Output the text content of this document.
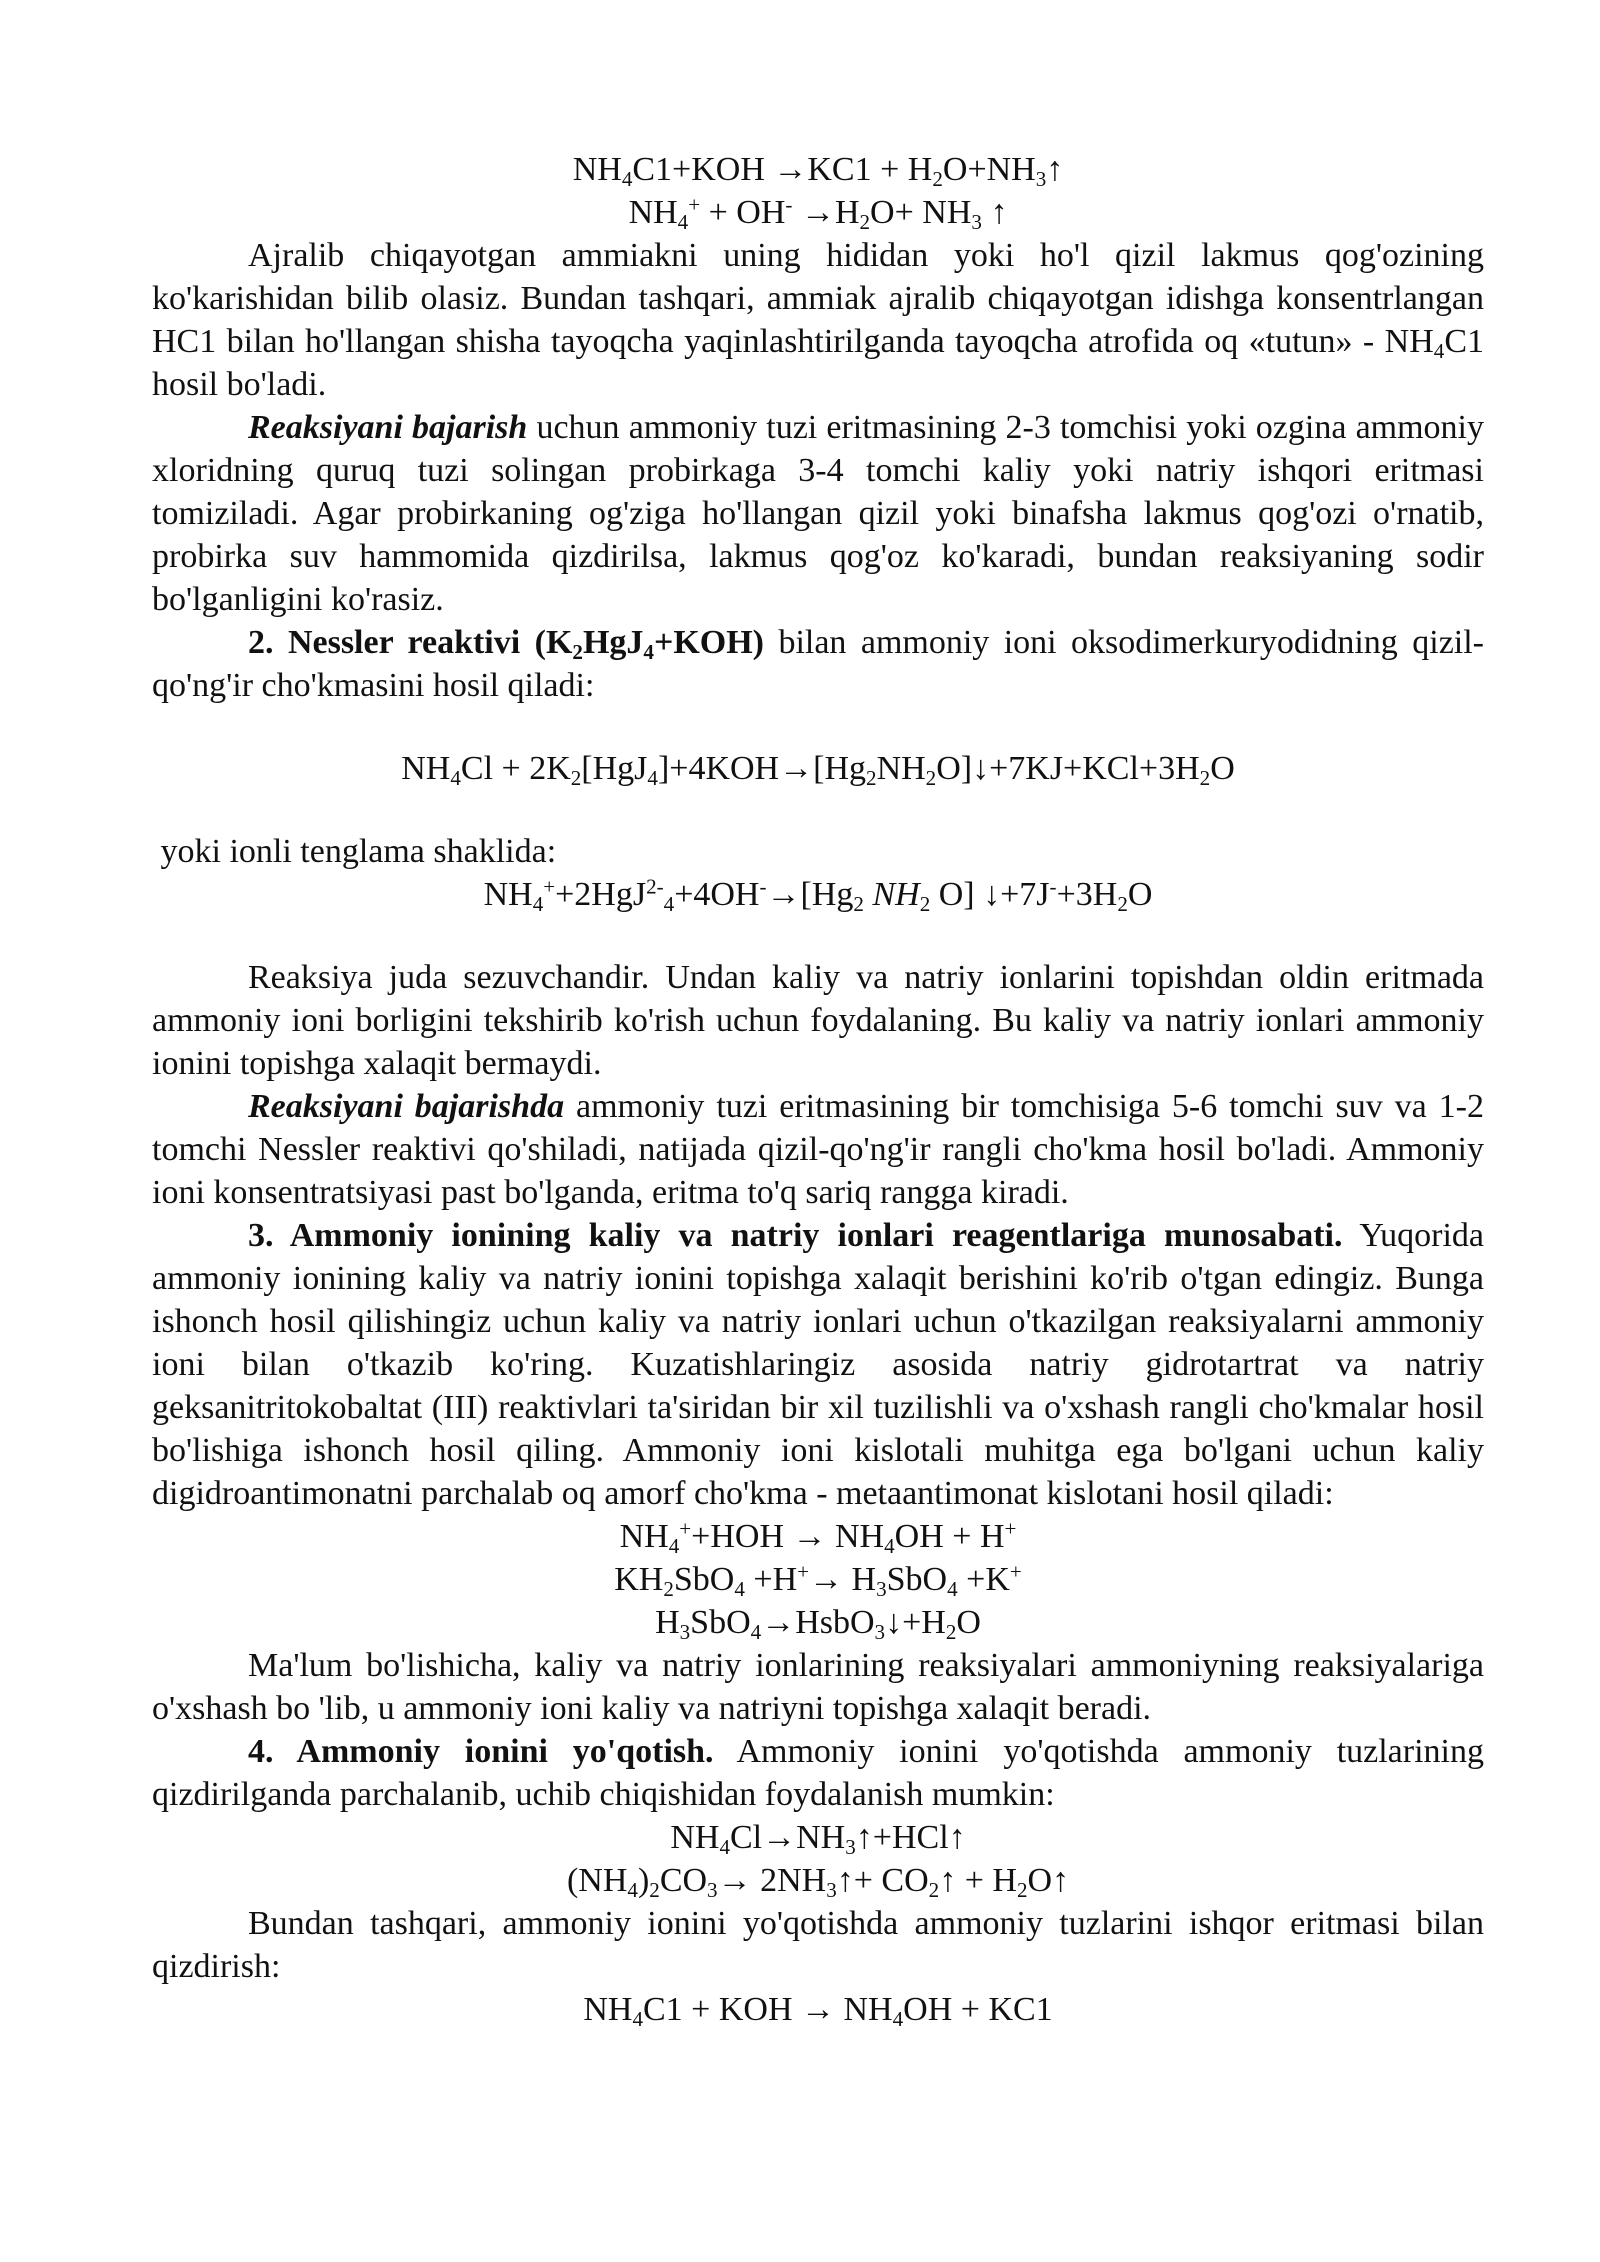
$NH_4C1+KOH \to KC1$ + $H_2O+NH_3↑$

$NH_4^+ + OH^- \to H_2O+ NH_3$ ↑

Ajralib chiqayotgan ammiakni uning hididan yoki ho'l qizil lakmus qog'ozining ko'karishidan bilib olasiz. Bundan tashqari, ammiak ajralib chiqayotgan idishga konsentrlangan HC1 bilan ho'llangan shisha tayoqcha yaqinlashtirilganda tayoqcha atrofida oq «tutun» - $NH_4C1$ hosil bo'ladi.

Reaksiyani bajarish uchun ammoniy tuzi eritmasining 2-3 tomchisi yoki ozgina ammoniy xloridning quruq tuzi solingan probirkaga 3-4 tomchi kaliy yoki natriy ishqori eritmasi tomiziladi. Agar probirkaning og'ziga ho'llangan qizil yoki binafsha lakmus qog'ozi o'rnatib, probirka suv hammomida qizdirilsa, lakmus qog'oz ko'karadi, bundan reaksiyaning sodir bo'lganligini ko'rasiz.

2. Nessler reaktivi $(K_2HgJ_4+KOH)$ bilan ammoniy ioni oksodimerkuryodidning qizil-qo'ng'ir cho'kmasini hosil qiladi:

$NH_4Cl$ + $2K_2[HgJ_4]+4KOH\to[Hg_2NH_2O]↓+7KJ+KCl+3H_2O$

yoki ionli tenglama shaklida:

$NH_4^++2HgJ^{2-}_4+4OH^-\to[Hg_2$ $NH_2$ O] $↓+7J^-+3H_2O$

Reaksiya juda sezuvchandir. Undan kaliy va natriy ionlarini topishdan oldin eritmada ammoniy ioni borligini tekshirib ko'rish uchun foydalaning. Bu kaliy va natriy ionlari ammoniy ionini topishga xalaqit bermaydi.

Reaksiyani bajarishda ammoniy tuzi eritmasining bir tomchisiga 5-6 tomchi suv va 1-2 tomchi Nessler reaktivi qo'shiladi, natijada qizil-qo'ng'ir rangli cho'kma hosil bo'ladi. Ammoniy ioni konsentratsiyasi past bo'lganda, eritma to'q sariq rangga kiradi.

3. Ammoniy ionining kaliy va natriy ionlari reagentlariga munosabati. Yuqorida ammoniy ionining kaliy va natriy ionini topishga xalaqit berishini ko'rib o'tgan edingiz. Bunga ishonch hosil qilishingiz uchun kaliy va natriy ionlari uchun o'tkazilgan reaksiyalarni ammoniy ioni bilan o'tkazib ko'ring. Kuzatishlaringiz asosida natriy gidrotartrat va natriy geksanitritokobaltat (III) reaktivlari ta'siridan bir xil tuzilishli va o'xshash rangli cho'kmalar hosil bo'lishiga ishonch hosil qiling. Ammoniy ioni kislotali muhitga ega bo'lgani uchun kaliy digidroantimonatni parchalab oq amorf cho'kma - metaantimonat kislotani hosil qiladi:

$NH_4^++HOH \to NH_4OH + H^+$

$KH_2SbO_4 +H^+\to H_3SbO_4 +K^+$

$H_3SbO_4\to HsbO_3↓+H_2O$

Ma'lum bo'lishicha, kaliy va natriy ionlarining reaksiyalari ammoniyning reaksiyalariga o'xshash bo 'lib, u ammoniy ioni kaliy va natriyni topishga xalaqit beradi.

4. Ammoniy ionini yo'qotish. Ammoniy ionini yo'qotishda ammoniy tuzlarining qizdirilganda parchalanib, uchib chiqishidan foydalanish mumkin:

$NH_4Cl\to NH_3↑+HCl↑$

$(NH_4)_2CO_3\to$ $2NH_3↑+$ $CO_2↑$ + $H_2O↑$

Bundan tashqari, ammoniy ionini yo'qotishda ammoniy tuzlarini ishqor eritmasi bilan qizdirish:

$NH_4C1$ + KOH → $NH_4OH + KC1$
